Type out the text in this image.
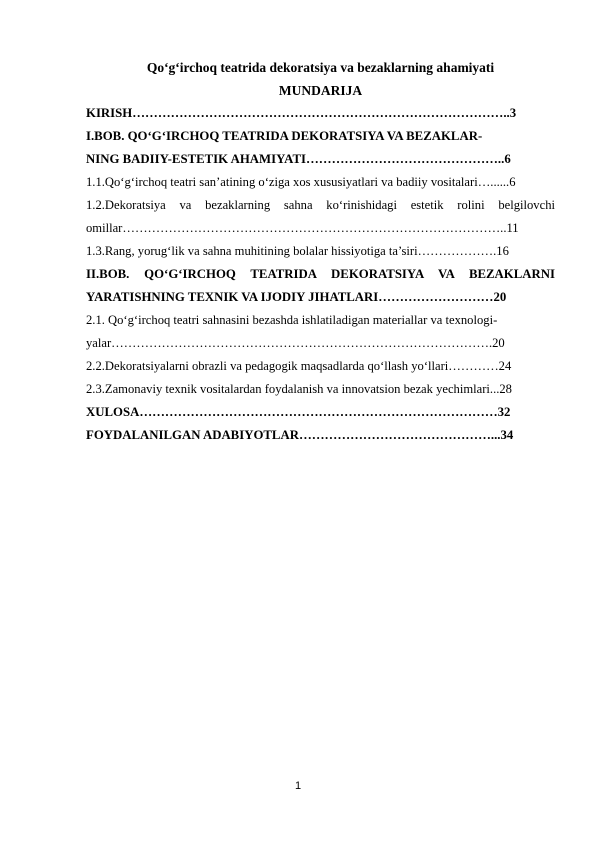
Qo‘g‘irchoq teatrida dekoratsiya va bezaklarning ahamiyati
MUNDARIJA
KIRISH……………………………………………………………………………..3
I.BOB. QO‘G‘IRCHOQ TEATRIDA DEKORATSIYA VA BEZAKLAR-
NING BADIIY-ESTETIK AHAMIYATI………………………………………..6
1.1.Qo‘g‘irchoq teatri san’atining o‘ziga xos xususiyatlari va badiiy vositalari…......6
1.2.Dekoratsiya va bezaklarning sahna ko‘rinishidagi estetik rolini belgilovchi
omillar………………………………………………………………………………..11
1.3.Rang, yorug‘lik va sahna muhitining bolalar hissiyotiga ta’siri……………….16
II.BOB. QO‘G‘IRCHOQ TEATRIDA DEKORATSIYA VA BEZAKLARNI
YARATISHNING TEXNIK VA IJODIY JIHATLARI………………………20
2.1. Qo‘g‘irchoq teatri sahnasini bezashda ishlatiladigan materiallar va texnologi-
yalar……………………………………………………………………………….20
2.2.Dekoratsiyalarni obrazli va pedagogik maqsadlarda qo‘llash yo‘llari…………24
2.3.Zamonaviy texnik vositalardan foydalanish va innovatsion bezak yechimlari...28
XULOSA…………………………………………………………………………32
FOYDALANILGAN ADABIYOTLAR………………………………………...34
1
